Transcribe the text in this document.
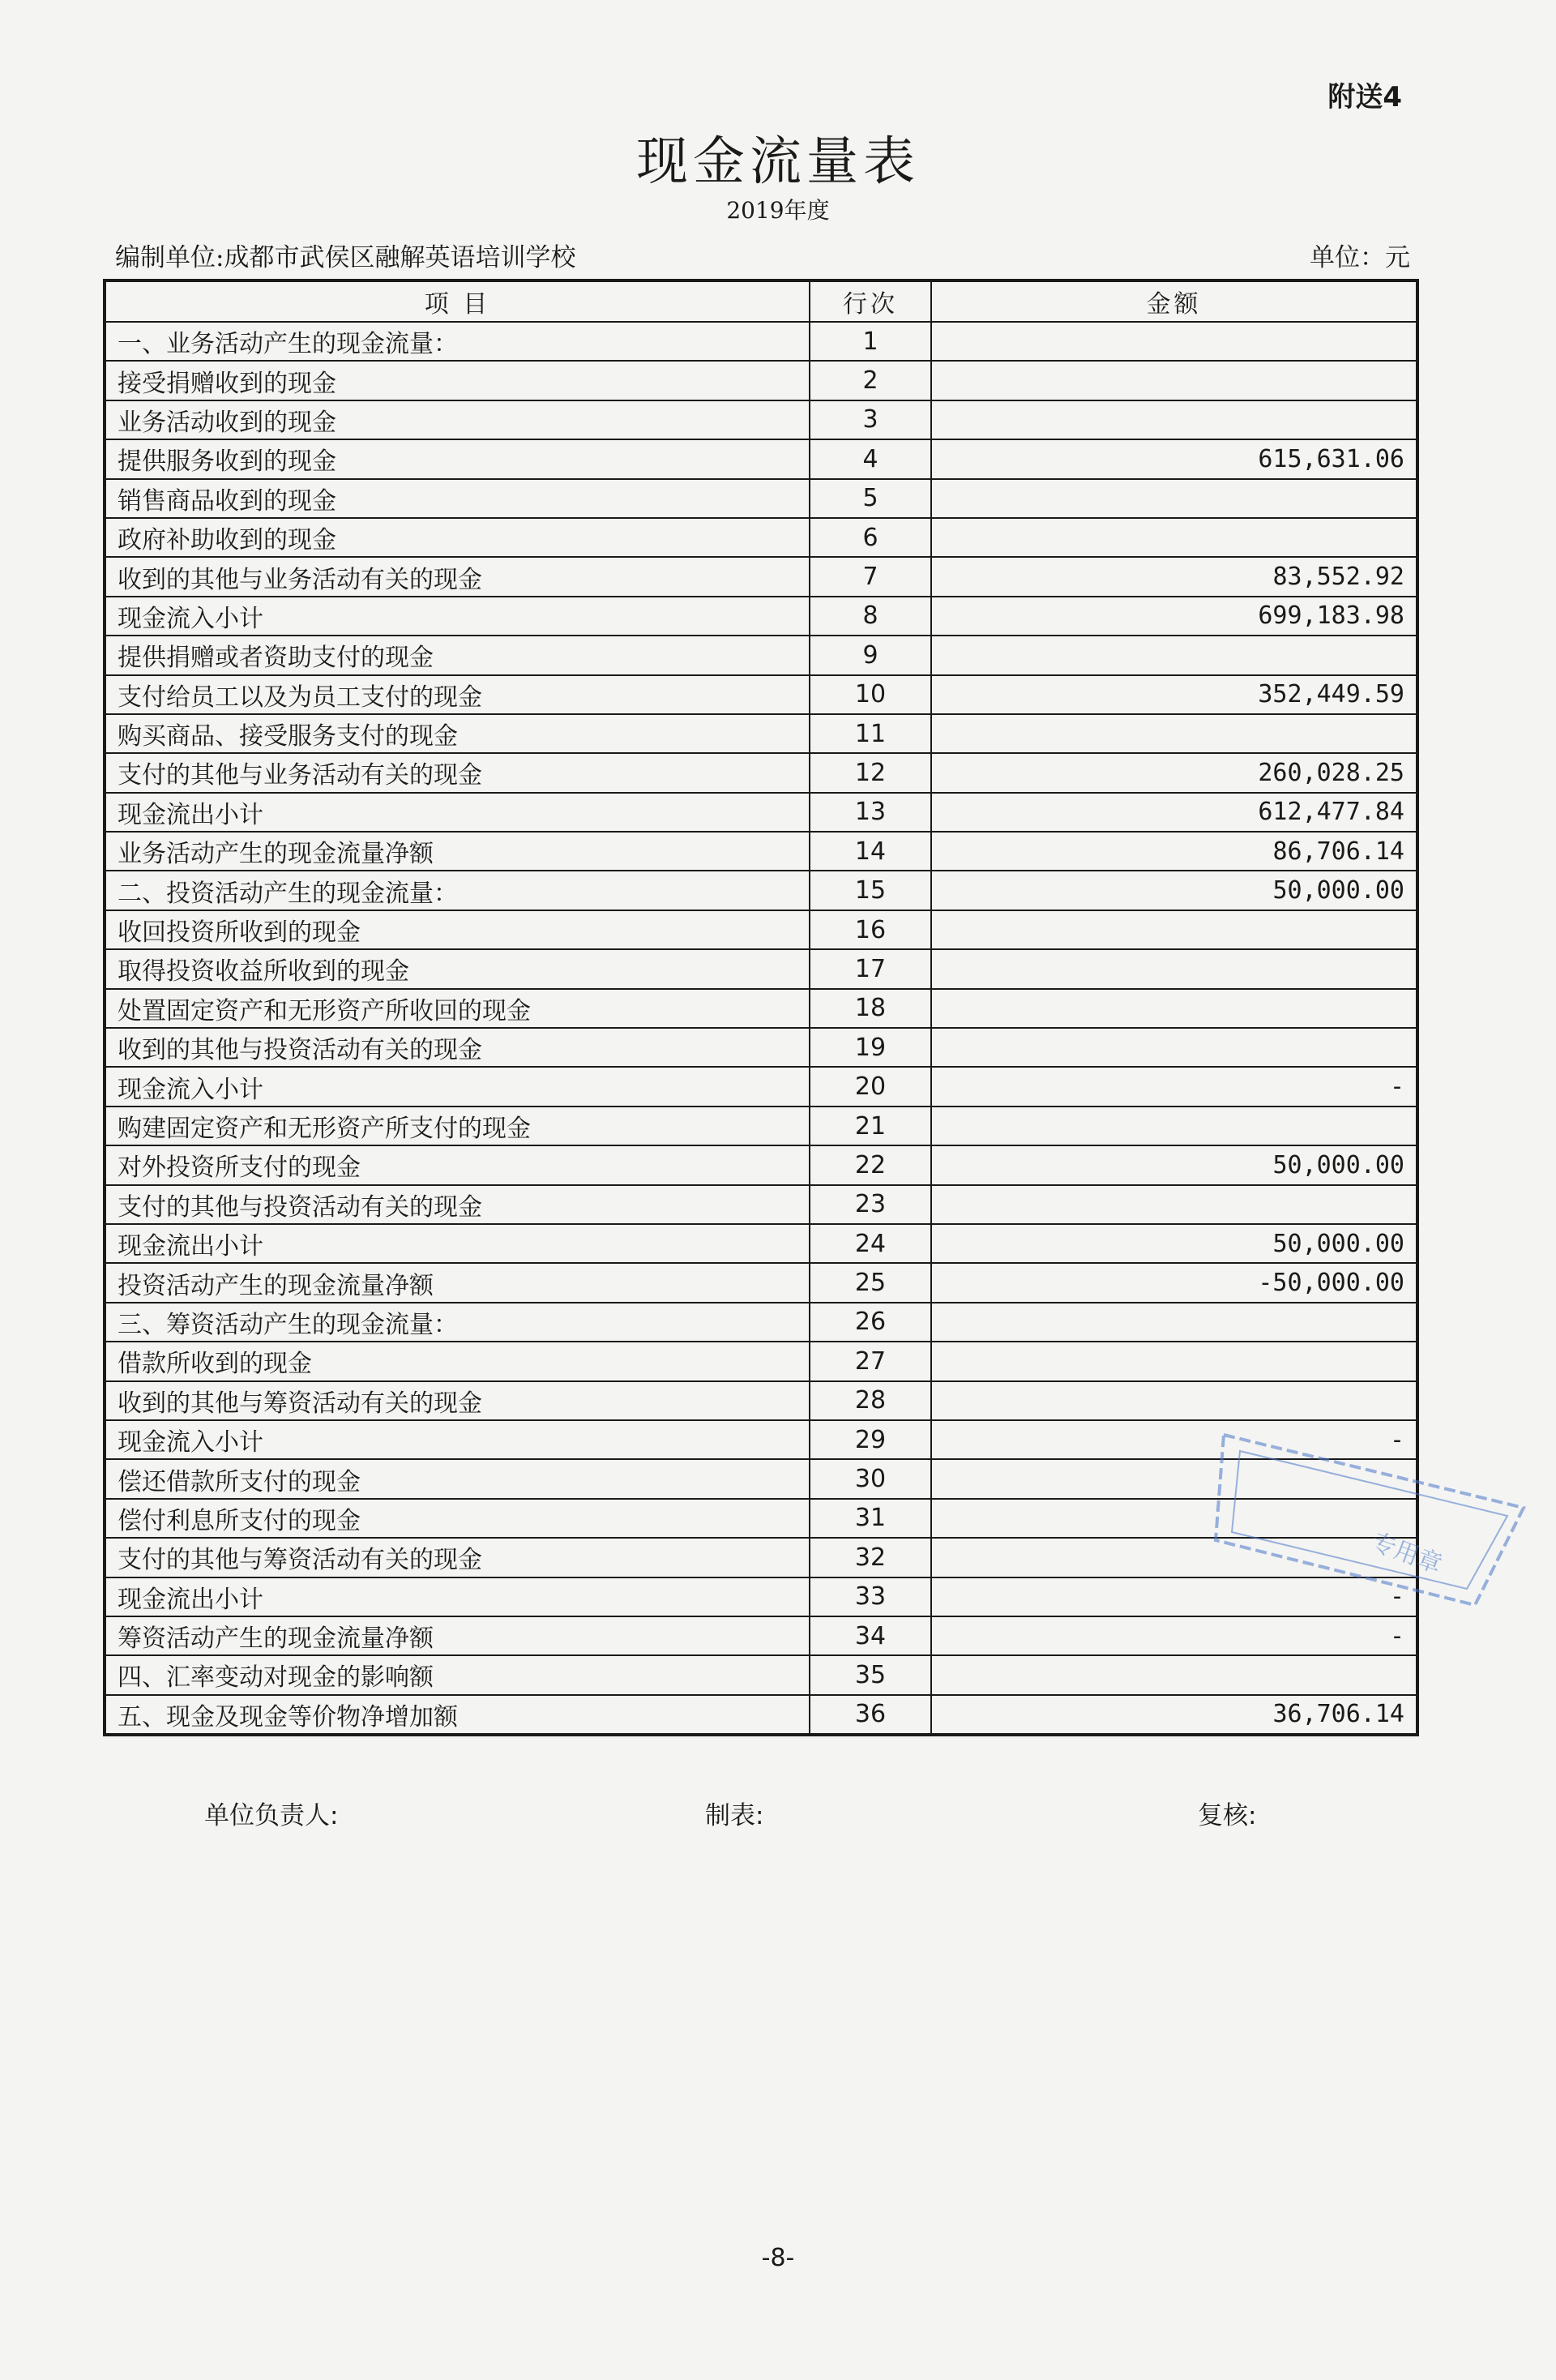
附送4
现金流量表
2019年度
编制单位:成都市武侯区融解英语培训学校	单位：元
项 目	行次	金额
一、业务活动产生的现金流量：	1	
接受捐赠收到的现金	2	
业务活动收到的现金	3	
提供服务收到的现金	4	615,631.06
销售商品收到的现金	5	
政府补助收到的现金	6	
收到的其他与业务活动有关的现金	7	83,552.92
现金流入小计	8	699,183.98
提供捐赠或者资助支付的现金	9	
支付给员工以及为员工支付的现金	10	352,449.59
购买商品、接受服务支付的现金	11	
支付的其他与业务活动有关的现金	12	260,028.25
现金流出小计	13	612,477.84
业务活动产生的现金流量净额	14	86,706.14
二、投资活动产生的现金流量：	15	50,000.00
收回投资所收到的现金	16	
取得投资收益所收到的现金	17	
处置固定资产和无形资产所收回的现金	18	
收到的其他与投资活动有关的现金	19	
现金流入小计	20	-
购建固定资产和无形资产所支付的现金	21	
对外投资所支付的现金	22	50,000.00
支付的其他与投资活动有关的现金	23	
现金流出小计	24	50,000.00
投资活动产生的现金流量净额	25	-50,000.00
三、筹资活动产生的现金流量：	26	
借款所收到的现金	27	
收到的其他与筹资活动有关的现金	28	
现金流入小计	29	-
偿还借款所支付的现金	30	
偿付利息所支付的现金	31	
支付的其他与筹资活动有关的现金	32	
现金流出小计	33	-
筹资活动产生的现金流量净额	34	-
四、汇率变动对现金的影响额	35	
五、现金及现金等价物净增加额	36	36,706.14
单位负责人:	制表:	复核:
-8-
专用章
